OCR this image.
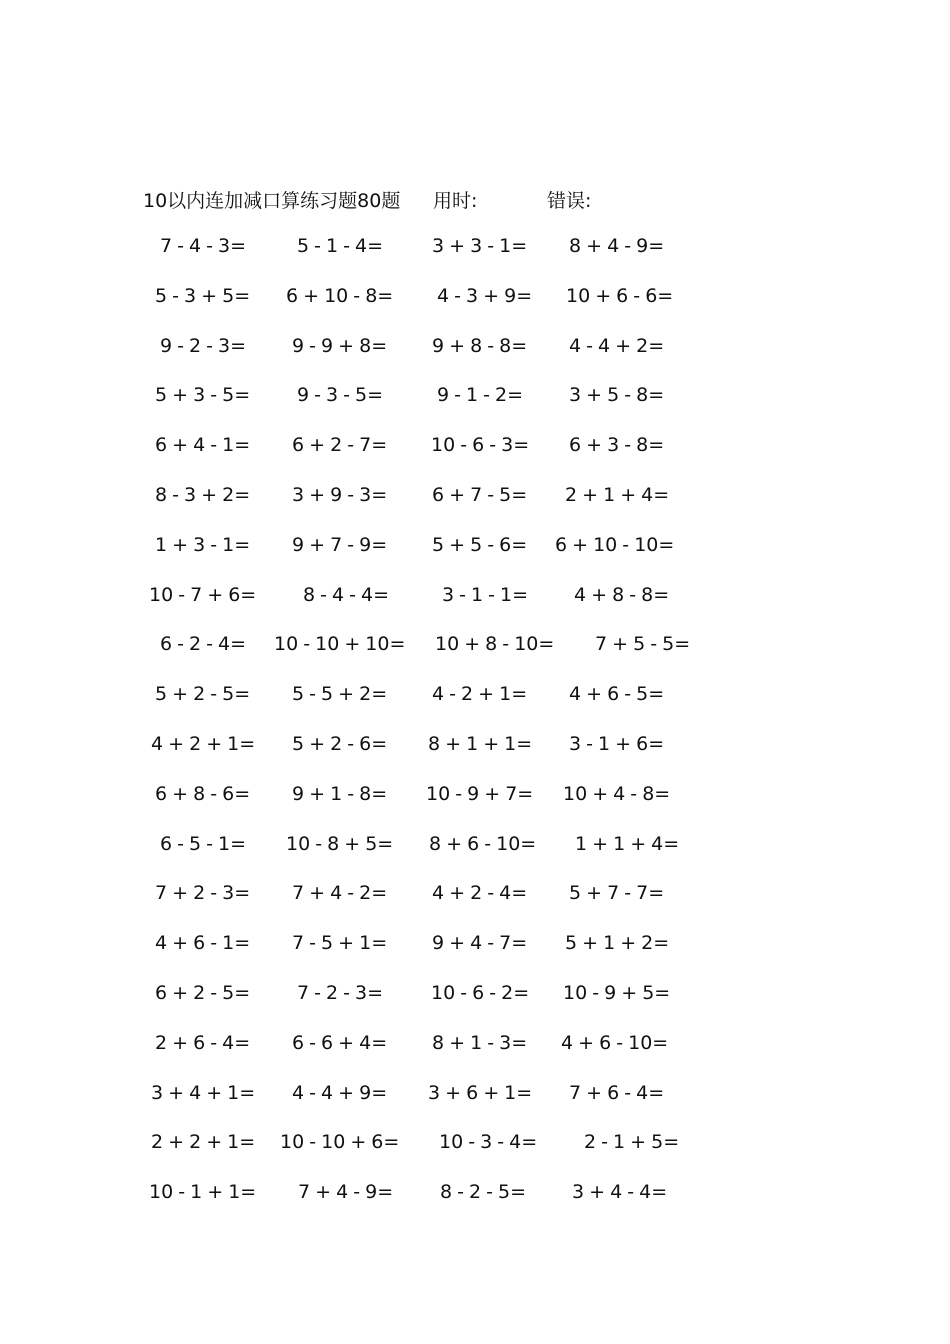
10以内连加减口算练习题80题 用时:	错误:
7 - 4 - 3=	5 - 1 - 4=	3 + 3 - 1= 8 + 4 - 9=
5 - 3 + 5= 6 + 10 - 8= 4 - 3 + 9= 10 + 6 - 6=
9 - 2 - 3= 9 - 9 + 8= 9 + 8 - 8= 4 - 4 + 2=
5 + 3 - 5= 9 - 3 - 5=	9 - 1 - 2= 3 + 5 - 8=
6 + 4 - 1= 6 + 2 - 7= 10 - 6 - 3= 6 + 3 - 8=
8 - 3 + 2= 3 + 9 - 3= 6 + 7 - 5= 2 + 1 + 4=
1 + 3 - 1= 9 + 7 - 9= 5 + 5 - 6= 6 + 10 - 10=
10 - 7 + 6= 8 - 4 - 4=	3 - 1 - 1= 4 + 8 - 8=
6 - 2 - 4= 10 - 10 + 10= 10 + 8 - 10= 7 + 5 - 5=
5 + 2 - 5= 5 - 5 + 2= 4 - 2 + 1= 4 + 6 - 5=
4 + 2 + 1= 5 + 2 - 6= 8 + 1 + 1= 3 - 1 + 6=
6 + 8 - 6= 9 + 1 - 8= 10 - 9 + 7= 10 + 4 - 8=
6 - 5 - 1= 10 - 8 + 5= 8 + 6 - 10= 1 + 1 + 4=
7 + 2 - 3= 7 + 4 - 2= 4 + 2 - 4= 5 + 7 - 7=
4 + 6 - 1= 7 - 5 + 1= 9 + 4 - 7= 5 + 1 + 2=
6 + 2 - 5= 7 - 2 - 3=	10 - 6 - 2= 10 - 9 + 5=
2 + 6 - 4= 6 - 6 + 4= 8 + 1 - 3= 4 + 6 - 10=
3 + 4 + 1= 4 - 4 + 9= 3 + 6 + 1= 7 + 6 - 4=
2 + 2 + 1= 10 - 10 + 6= 10 - 3 - 4= 2 - 1 + 5=
10 - 1 + 1= 7 + 4 - 9= 8 - 2 - 5= 3 + 4 - 4=
